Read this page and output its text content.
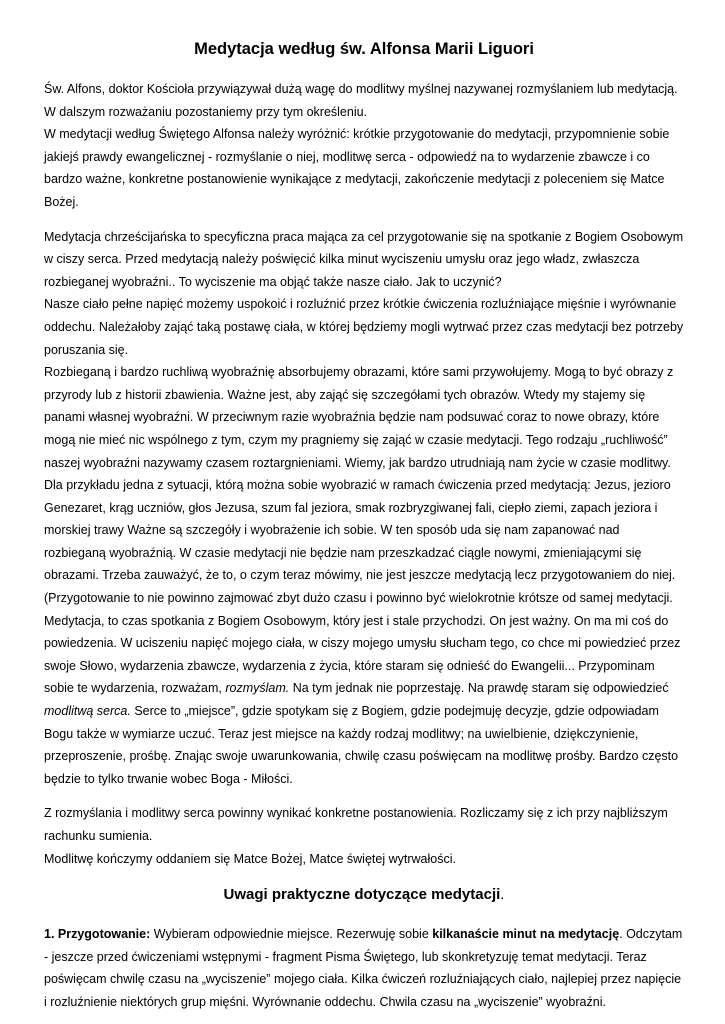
Medytacja według św. Alfonsa Marii Liguori

Św. Alfons, doktor Kościoła przywiązywał dużą wagę do modlitwy myślnej nazywanej rozmyślaniem lub medytacją. W dalszym rozważaniu pozostaniemy przy tym określeniu.

W medytacji według Świętego Alfonsa należy wyróżnić: krótkie przygotowanie do medytacji, przypomnienie sobie jakiejś prawdy ewangelicznej - rozmyślanie o niej, modlitwę serca - odpowiedź na to wydarzenie zbawcze i co bardzo ważne, konkretne postanowienie wynikające z medytacji, zakończenie medytacji z poleceniem się Matce Bożej.

Medytacja chrześcijańska to specyficzna praca mająca za cel przygotowanie się na spotkanie z Bogiem Osobowym w ciszy serca. Przed medytacją należy poświęcić kilka minut wyciszeniu umysłu oraz jego władz, zwłaszcza rozbieganej wyobraźni.. To wyciszenie ma objąć także nasze ciało. Jak to uczynić?

Nasze ciało pełne napięć możemy uspokoić i rozluźnić przez krótkie ćwiczenia rozluźniające mięśnie i wyrównanie oddechu. Należałoby zająć taką postawę ciała, w której będziemy mogli wytrwać przez czas medytacji bez potrzeby poruszania się.

Rozbieganą i bardzo ruchliwą wyobraźnię absorbujemy obrazami, które sami przywołujemy. Mogą to być obrazy z przyrody lub z historii zbawienia. Ważne jest, aby zająć się szczegółami tych obrazów. Wtedy my stajemy się panami własnej wyobraźni. W przeciwnym razie wyobraźnia będzie nam podsuwać coraz to nowe obrazy, które mogą nie mieć nic wspólnego z tym, czym my pragniemy się zająć w czasie medytacji. Tego rodzaju „ruchliwość” naszej wyobraźni nazywamy czasem roztargnieniami. Wiemy, jak bardzo utrudniają nam życie w czasie modlitwy.

Dla przykładu jedna z sytuacji, którą można sobie wyobrazić w ramach ćwiczenia przed medytacją: Jezus, jezioro Genezaret, krąg uczniów, głos Jezusa, szum fal jeziora, smak rozbryzgiwanej fali, ciepło ziemi, zapach jeziora i morskiej trawy Ważne są szczegóły i wyobrażenie ich sobie. W ten sposób uda się nam zapanować nad rozbieganą wyobraźnią. W czasie medytacji nie będzie nam przeszkadzać ciągle nowymi, zmieniającymi się obrazami. Trzeba zauważyć, że to, o czym teraz mówimy, nie jest jeszcze medytacją lecz przygotowaniem do niej. (Przygotowanie to nie powinno zajmować zbyt dużo czasu i powinno być wielokrotnie krótsze od samej medytacji.

Medytacja, to czas spotkania z Bogiem Osobowym, który jest i stale przychodzi. On jest ważny. On ma mi coś do powiedzenia. W uciszeniu napięć mojego ciała, w ciszy mojego umysłu słucham tego, co chce mi powiedzieć przez swoje Słowo, wydarzenia zbawcze, wydarzenia z życia, które staram się odnieść do Ewangelii... Przypominam sobie te wydarzenia, rozważam, rozmyślam. Na tym jednak nie poprzestaję. Na prawdę staram się odpowiedzieć modlitwą serca. Serce to „miejsce”, gdzie spotykam się z Bogiem, gdzie podejmuję decyzje, gdzie odpowiadam Bogu także w wymiarze uczuć. Teraz jest miejsce na każdy rodzaj modlitwy; na uwielbienie, dziękczynienie, przeproszenie, prośbę. Znając swoje uwarunkowania, chwilę czasu poświęcam na modlitwę prośby. Bardzo często będzie to tylko trwanie wobec Boga - Miłości.

Z rozmyślania i modlitwy serca powinny wynikać konkretne postanowienia. Rozliczamy się z ich przy najbliższym rachunku sumienia.

Modlitwę kończymy oddaniem się Matce Bożej, Matce świętej wytrwałości.

Uwagi praktyczne dotyczące medytacji.

1. Przygotowanie: Wybieram odpowiednie miejsce. Rezerwuję sobie kilkanaście minut na medytację. Odczytam - jeszcze przed ćwiczeniami wstępnymi - fragment Pisma Świętego, lub skonkretyzuję temat medytacji. Teraz poświęcam chwilę czasu na „wyciszenie” mojego ciała. Kilka ćwiczeń rozluźniających ciało, najlepiej przez napięcie i rozluźnienie niektórych grup mięśni. Wyrównanie oddechu. Chwila czasu na „wyciszenie” wyobraźni.
